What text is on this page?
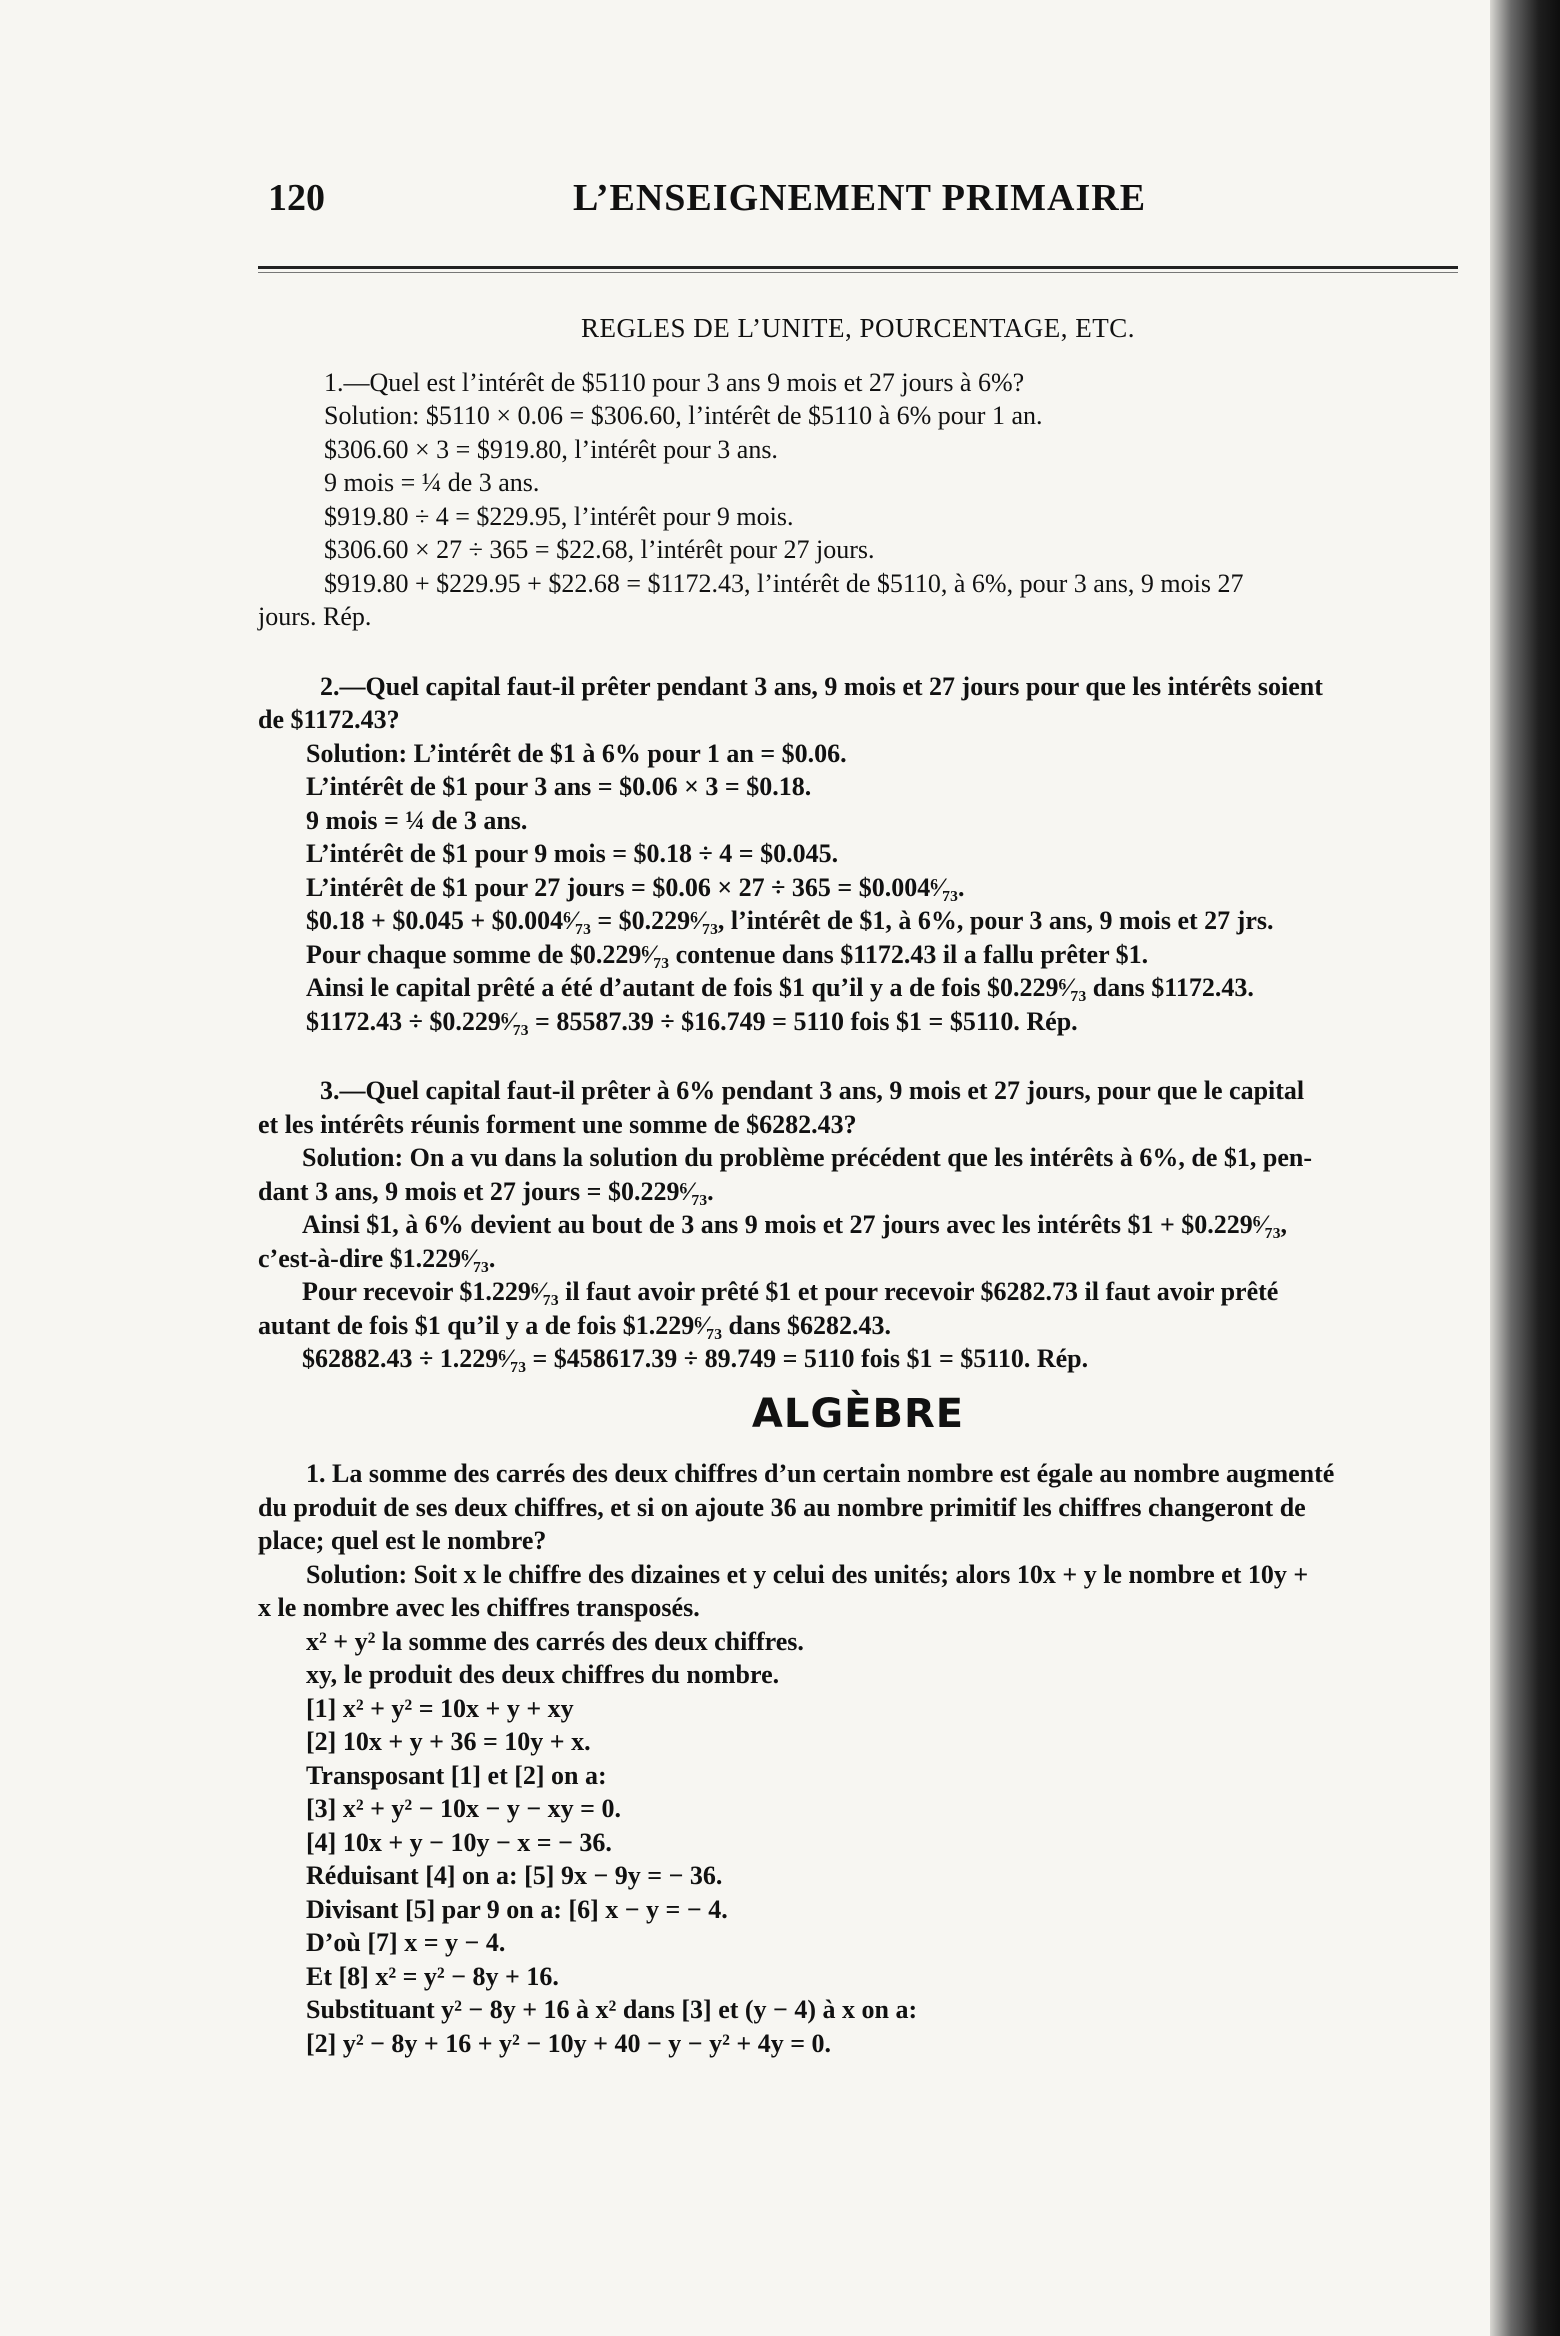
120	L’ENSEIGNEMENT PRIMAIRE
REGLES DE L’UNITE, POURCENTAGE, ETC.
1.—Quel est l’intérêt de $5110 pour 3 ans 9 mois et 27 jours à 6%?
Solution: $5110 × 0.06 = $306.60, l’intérêt de $5110 à 6% pour 1 an.
$306.60 × 3 = $919.80, l’intérêt pour 3 ans.
9 mois = ¼ de 3 ans.
$919.80 ÷ 4 = $229.95, l’intérêt pour 9 mois.
$306.60 × 27 ÷ 365 = $22.68, l’intérêt pour 27 jours.
$919.80 + $229.95 + $22.68 = $1172.43, l’intérêt de $5110, à 6%, pour 3 ans, 9 mois 27
jours. Rép.
2.—Quel capital faut-il prêter pendant 3 ans, 9 mois et 27 jours pour que les intérêts soient
de $1172.43?
Solution: L’intérêt de $1 à 6% pour 1 an = $0.06.
L’intérêt de $1 pour 3 ans = $0.06 × 3 = $0.18.
9 mois = ¼ de 3 ans.
L’intérêt de $1 pour 9 mois = $0.18 ÷ 4 = $0.045.
L’intérêt de $1 pour 27 jours = $0.06 × 27 ÷ 365 = $0.004⁶⁄₇₃.
$0.18 + $0.045 + $0.004⁶⁄₇₃ = $0.229⁶⁄₇₃, l’intérêt de $1, à 6%, pour 3 ans, 9 mois et 27 jrs.
Pour chaque somme de $0.229⁶⁄₇₃ contenue dans $1172.43 il a fallu prêter $1.
Ainsi le capital prêté a été d’autant de fois $1 qu’il y a de fois $0.229⁶⁄₇₃ dans $1172.43.
$1172.43 ÷ $0.229⁶⁄₇₃ = 85587.39 ÷ $16.749 = 5110 fois $1 = $5110. Rép.
3.—Quel capital faut-il prêter à 6% pendant 3 ans, 9 mois et 27 jours, pour que le capital
et les intérêts réunis forment une somme de $6282.43?
Solution: On a vu dans la solution du problème précédent que les intérêts à 6%, de $1, pen-
dant 3 ans, 9 mois et 27 jours = $0.229⁶⁄₇₃.
Ainsi $1, à 6% devient au bout de 3 ans 9 mois et 27 jours avec les intérêts $1 + $0.229⁶⁄₇₃,
c’est-à-dire $1.229⁶⁄₇₃.
Pour recevoir $1.229⁶⁄₇₃ il faut avoir prêté $1 et pour recevoir $6282.73 il faut avoir prêté
autant de fois $1 qu’il y a de fois $1.229⁶⁄₇₃ dans $6282.43.
$62882.43 ÷ 1.229⁶⁄₇₃ = $458617.39 ÷ 89.749 = 5110 fois $1 = $5110. Rép.
ALGÈBRE
1. La somme des carrés des deux chiffres d’un certain nombre est égale au nombre augmenté
du produit de ses deux chiffres, et si on ajoute 36 au nombre primitif les chiffres changeront de
place; quel est le nombre?
Solution: Soit x le chiffre des dizaines et y celui des unités; alors 10x + y le nombre et 10y +
x le nombre avec les chiffres transposés.
x² + y² la somme des carrés des deux chiffres.
xy, le produit des deux chiffres du nombre.
[1] x² + y² = 10x + y + xy
[2] 10x + y + 36 = 10y + x.
Transposant [1] et [2] on a:
[3] x² + y² − 10x − y − xy = 0.
[4] 10x + y − 10y − x = − 36.
Réduisant [4] on a: [5] 9x − 9y = − 36.
Divisant [5] par 9 on a: [6] x − y = − 4.
D’où [7] x = y − 4.
Et [8] x² = y² − 8y + 16.
Substituant y² − 8y + 16 à x² dans [3] et (y − 4) à x on a:
[2] y² − 8y + 16 + y² − 10y + 40 − y − y² + 4y = 0.
